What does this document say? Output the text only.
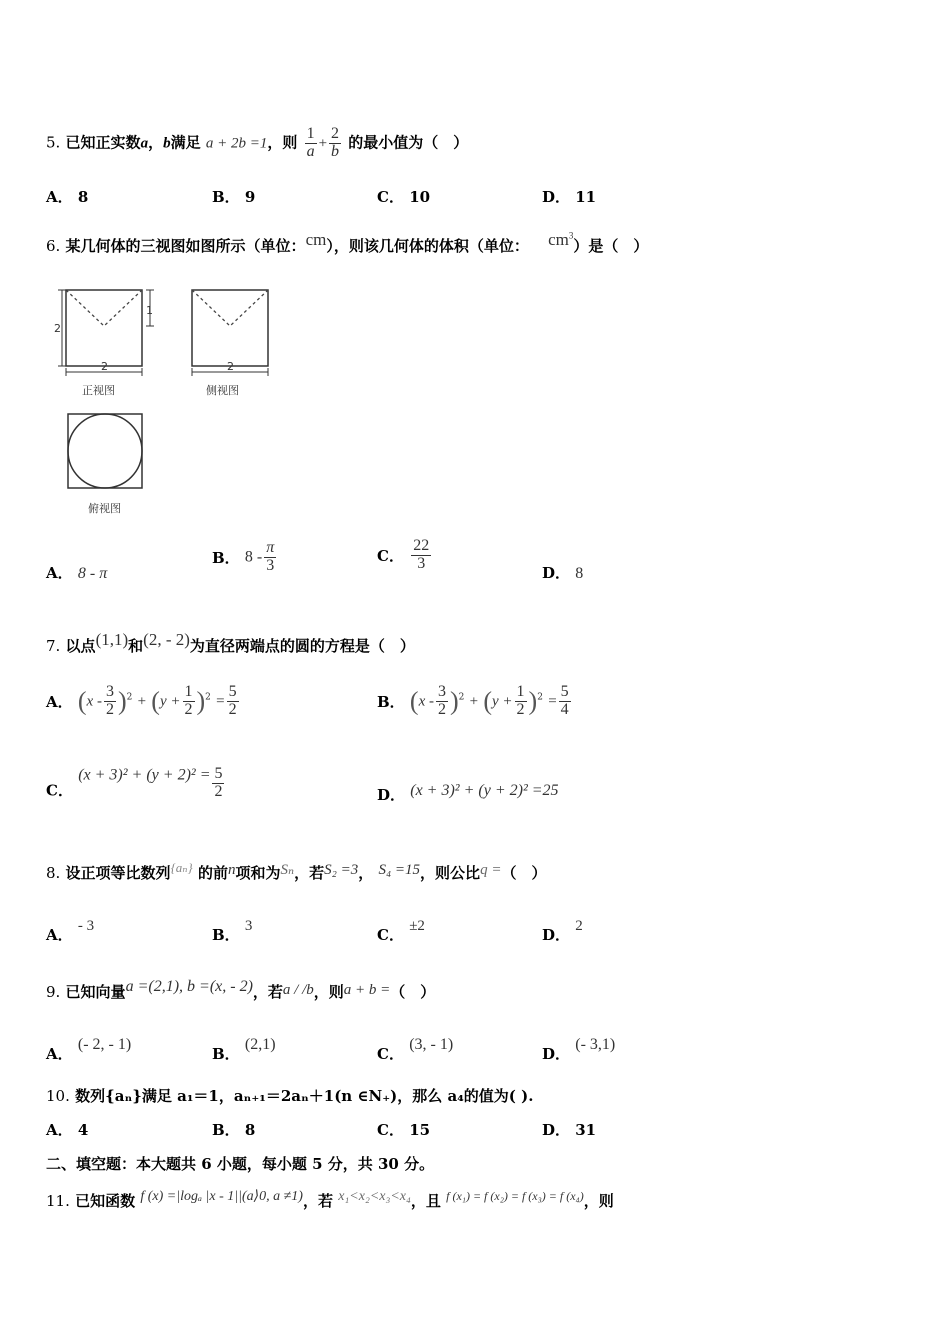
5. 已知正实数a，b满足 a + 2b =1，则 $\frac{1}{a} + \frac{2}{b}$ 的最小值为（　）
A． 8	B． 9	C． 10	D． 11
6. 某几何体的三视图如图所示（单位：cm），则该几何体的体积（单位： $cm^3$）是（　）
2
1
2
正视图
2
侧视图
俯视图
A． 8 - π
B． $8 - \frac{\pi}{3}$	C． $\frac{22}{3}$
D． 8
7. 以点(1,1)和(2, - 2)为直径两端点的圆的方程是（　）
A． $(x - \frac{3}{2} )^2 + (y + \frac{1}{2} )^2 = \frac{5}{2}$	B． $(x - \frac{3}{2} )^2 + (y + \frac{1}{2} )^2 = \frac{5}{4}$
C． $(x + 3)^2 + (y + 2)^2 = \frac{5}{2}$	D． (x + 3)² + (y + 2)² =25
8. 设正项等比数列{aₙ} 的前n项和为Sₙ，若S₂ =3， S₄ =15，则公比q =（　）
A． - 3	B． 3	C． ±2	D． 2
9. 已知向量a =(2,1), b =(x, - 2)，若a / /b，则a + b =（　）
A． (- 2, - 1)
B． (2,1)
C． (3, - 1)
D． (- 3,1)
10. 数列{aₙ}满足 a₁＝1，aₙ₊₁＝2aₙ＋1(n ∈N₊)，那么 a₄的值为( ).
A． 4	B． 8	C． 15	D． 31
二、填空题：本大题共 6 小题，每小题 5 分，共 30 分。
11. 已知函数 f (x) =|logₐ |x - 1||(a⟩0, a ≠1)，若 x₁<x₂<x₃<x₄，且 $^{f (x_1) = f (x_2) = f (x_3) = f (x_4)}$，则
